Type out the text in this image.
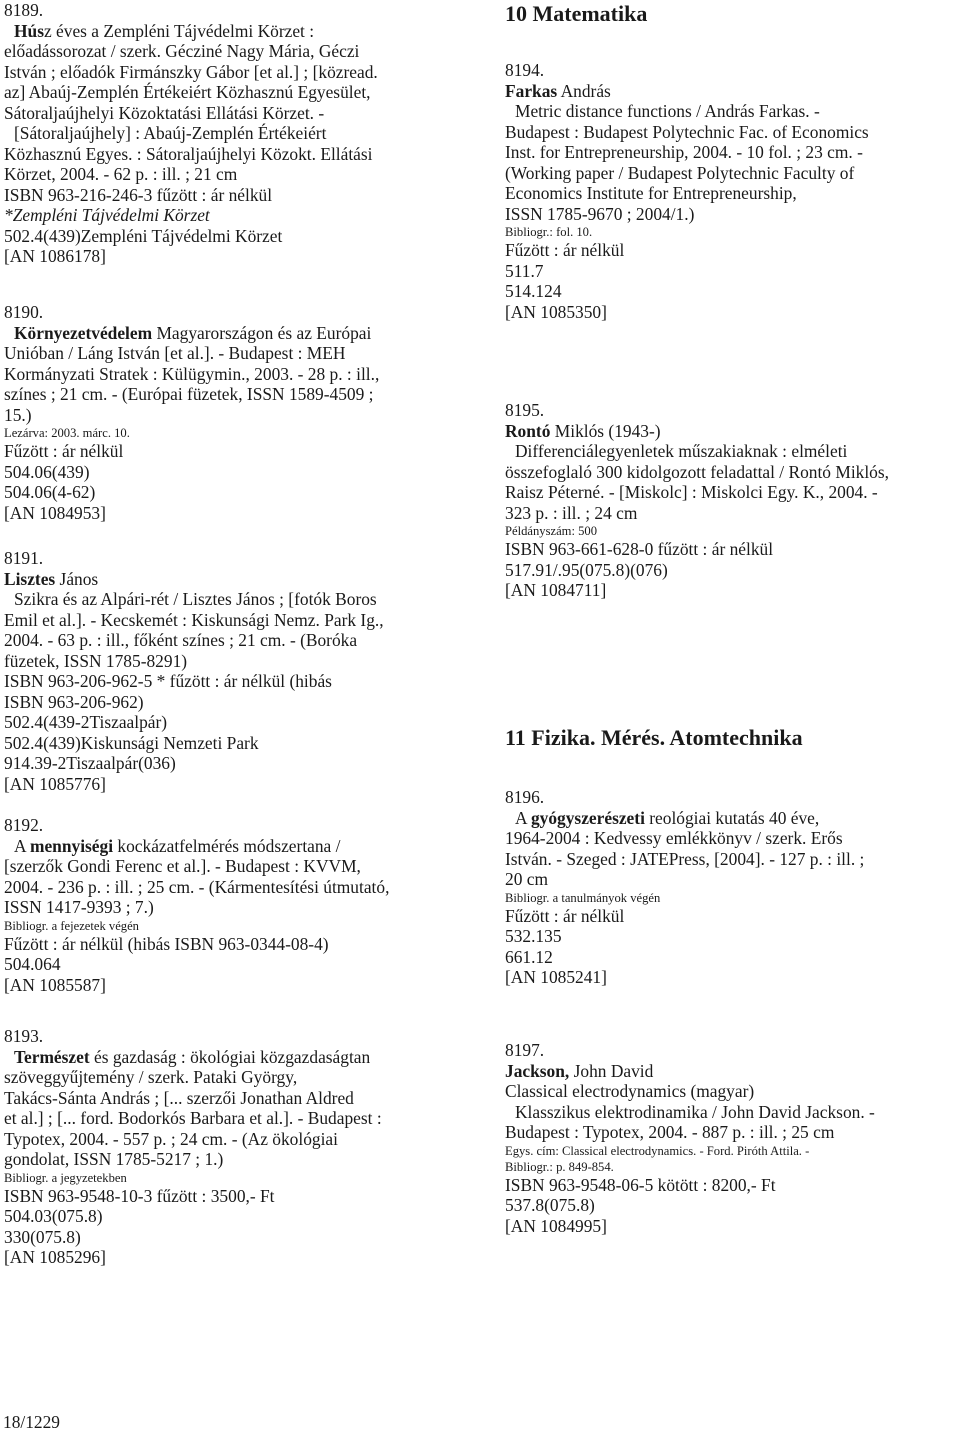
8189.
Húsz éves a Zempléni Tájvédelmi Körzet :
előadássorozat / szerk. Gécziné Nagy Mária, Géczi
István ; előadók Firmánszky Gábor [et al.] ; [közread.
az] Abaúj-Zemplén Értékeiért Közhasznú Egyesület,
Sátoraljaújhelyi Közoktatási Ellátási Körzet. -
[Sátoraljaújhely] : Abaúj-Zemplén Értékeiért
Közhasznú Egyes. : Sátoraljaújhelyi Közokt. Ellátási
Körzet, 2004. - 62 p. : ill. ; 21 cm
ISBN 963-216-246-3 fűzött : ár nélkül
*Zempléni Tájvédelmi Körzet
502.4(439)Zempléni Tájvédelmi Körzet
[AN 1086178]
8190.
Környezetvédelem Magyarországon és az Európai
Unióban / Láng István [et al.]. - Budapest : MEH
Kormányzati Stratek : Külügymin., 2003. - 28 p. : ill.,
színes ; 21 cm. - (Európai füzetek, ISSN 1589-4509 ;
15.)
Lezárva: 2003. márc. 10.
Fűzött : ár nélkül
504.06(439)
504.06(4-62)
[AN 1084953]
8191.
Lisztes János
Szikra és az Alpári-rét / Lisztes János ; [fotók Boros
Emil et al.]. - Kecskemét : Kiskunsági Nemz. Park Ig.,
2004. - 63 p. : ill., főként színes ; 21 cm. - (Boróka
füzetek, ISSN 1785-8291)
ISBN 963-206-962-5 * fűzött : ár nélkül (hibás
ISBN 963-206-962)
502.4(439-2Tiszaalpár)
502.4(439)Kiskunsági Nemzeti Park
914.39-2Tiszaalpár(036)
[AN 1085776]
8192.
A mennyiségi kockázatfelmérés módszertana /
[szerzők Gondi Ferenc et al.]. - Budapest : KVVM,
2004. - 236 p. : ill. ; 25 cm. - (Kármentesítési útmutató,
ISSN 1417-9393 ; 7.)
Bibliogr. a fejezetek végén
Fűzött : ár nélkül (hibás ISBN 963-0344-08-4)
504.064
[AN 1085587]
8193.
Természet és gazdaság : ökológiai közgazdaságtan
szöveggyűjtemény / szerk. Pataki György,
Takács-Sánta András ; [... szerzői Jonathan Aldred
et al.] ; [... ford. Bodorkós Barbara et al.]. - Budapest :
Typotex, 2004. - 557 p. ; 24 cm. - (Az ökológiai
gondolat, ISSN 1785-5217 ; 1.)
Bibliogr. a jegyzetekben
ISBN 963-9548-10-3 fűzött : 3500,- Ft
504.03(075.8)
330(075.8)
[AN 1085296]
10 Matematika
8194.
Farkas András
Metric distance functions / András Farkas. -
Budapest : Budapest Polytechnic Fac. of Economics
Inst. for Entrepreneurship, 2004. - 10 fol. ; 23 cm. -
(Working paper / Budapest Polytechnic Faculty of
Economics Institute for Entrepreneurship,
ISSN 1785-9670 ; 2004/1.)
Bibliogr.: fol. 10.
Fűzött : ár nélkül
511.7
514.124
[AN 1085350]
8195.
Rontó Miklós (1943-)
Differenciálegyenletek műszakiaknak : elméleti
összefoglaló 300 kidolgozott feladattal / Rontó Miklós,
Raisz Péterné. - [Miskolc] : Miskolci Egy. K., 2004. -
323 p. : ill. ; 24 cm
Példányszám: 500
ISBN 963-661-628-0 fűzött : ár nélkül
517.91/.95(075.8)(076)
[AN 1084711]
11 Fizika. Mérés. Atomtechnika
8196.
A gyógyszerészeti reológiai kutatás 40 éve,
1964-2004 : Kedvessy emlékkönyv / szerk. Erős
István. - Szeged : JATEPress, [2004]. - 127 p. : ill. ;
20 cm
Bibliogr. a tanulmányok végén
Fűzött : ár nélkül
532.135
661.12
[AN 1085241]
8197.
Jackson, John David
Classical electrodynamics (magyar)
Klasszikus elektrodinamika / John David Jackson. -
Budapest : Typotex, 2004. - 887 p. : ill. ; 25 cm
Egys. cím: Classical electrodynamics. - Ford. Piróth Attila. -
Bibliogr.: p. 849-854.
ISBN 963-9548-06-5 kötött : 8200,- Ft
537.8(075.8)
[AN 1084995]
18/1229
